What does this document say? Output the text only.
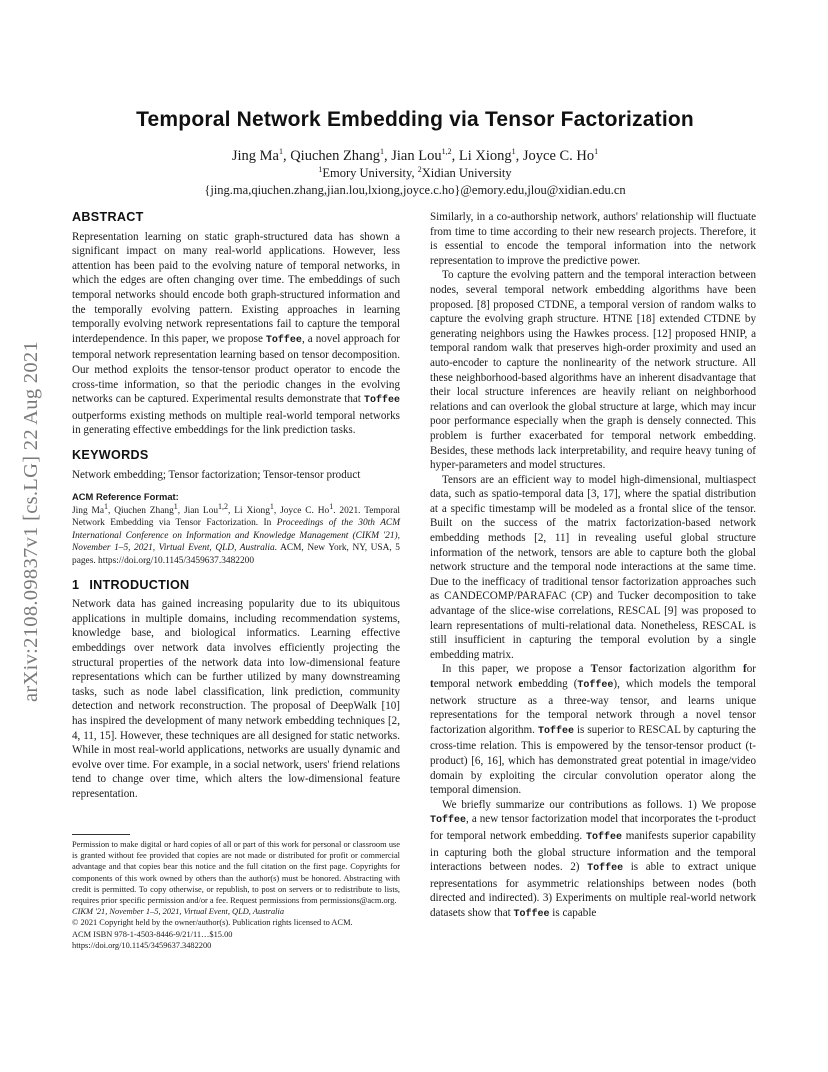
arXiv:2108.09837v1 [cs.LG] 22 Aug 2021
Temporal Network Embedding via Tensor Factorization
Jing Ma$^1$, Qiuchen Zhang$^1$, Jian Lou$^{1,2}$, Li Xiong$^1$, Joyce C. Ho$^1$
$^1$Emory University, $^2$Xidian University
{jing.ma,qiuchen.zhang,jian.lou,lxiong,joyce.c.ho}@emory.edu,jlou@xidian.edu.cn
ABSTRACT

Representation learning on static graph-structured data has shown a significant impact on many real-world applications. However, less attention has been paid to the evolving nature of temporal networks, in which the edges are often changing over time. The embeddings of such temporal networks should encode both graph-structured information and the temporally evolving pattern. Existing approaches in learning temporally evolving network representations fail to capture the temporal interdependence. In this paper, we propose Toffee, a novel approach for temporal network representation learning based on tensor decomposition. Our method exploits the tensor-tensor product operator to encode the cross-time information, so that the periodic changes in the evolving networks can be captured. Experimental results demonstrate that Toffee outperforms existing methods on multiple real-world temporal networks in generating effective embeddings for the link prediction tasks.

KEYWORDS

Network embedding; Tensor factorization; Tensor-tensor product

ACM Reference Format:

Jing Ma$^1$, Qiuchen Zhang$^1$, Jian Lou$^{1,2}$, Li Xiong$^1$, Joyce C. Ho$^1$. 2021. Temporal Network Embedding via Tensor Factorization. In Proceedings of the 30th ACM International Conference on Information and Knowledge Management (CIKM '21), November 1–5, 2021, Virtual Event, QLD, Australia. ACM, New York, NY, USA, 5 pages. https://doi.org/10.1145/3459637.3482200

1 INTRODUCTION

Network data has gained increasing popularity due to its ubiquitous applications in multiple domains, including recommendation systems, knowledge base, and biological informatics. Learning effective embeddings over network data involves efficiently projecting the structural properties of the network data into low-dimensional feature representations which can be further utilized by many downstreaming tasks, such as node label classification, link prediction, community detection and network reconstruction. The proposal of DeepWalk [10] has inspired the development of many network embedding techniques [2, 4, 11, 15]. However, these techniques are all designed for static networks. While in most real-world applications, networks are usually dynamic and evolve over time. For example, in a social network, users' friend relations tend to change over time, which alters the low-dimensional feature representation.

Similarly, in a co-authorship network, authors' relationship will fluctuate from time to time according to their new research projects. Therefore, it is essential to encode the temporal information into the network representation to improve the predictive power.

To capture the evolving pattern and the temporal interaction between nodes, several temporal network embedding algorithms have been proposed. [8] proposed CTDNE, a temporal version of random walks to capture the evolving graph structure. HTNE [18] extended CTDNE by generating neighbors using the Hawkes process. [12] proposed HNIP, a temporal random walk that preserves high-order proximity and used an auto-encoder to capture the nonlinearity of the network structure. All these neighborhood-based algorithms have an inherent disadvantage that their local structure inferences are heavily reliant on neighborhood relations and can overlook the global structure at large, which may incur poor performance especially when the graph is densely connected. This problem is further exacerbated for temporal network embedding. Besides, these methods lack interpretability, and require heavy tuning of hyper-parameters and model structures.

Tensors are an efficient way to model high-dimensional, multiaspect data, such as spatio-temporal data [3, 17], where the spatial distribution at a specific timestamp will be modeled as a frontal slice of the tensor. Built on the success of the matrix factorization-based network embedding methods [2, 11] in revealing useful global structure information of the network, tensors are able to capture both the global network structure and the temporal node interactions at the same time. Due to the inefficacy of traditional tensor factorization approaches such as CANDECOMP/PARAFAC (CP) and Tucker decomposition to take advantage of the slice-wise correlations, RESCAL [9] was proposed to learn representations of multi-relational data. Nonetheless, RESCAL is still insufficient in capturing the temporal evolution by a single embedding matrix.

In this paper, we propose a Tensor factorization algorithm for temporal network embedding (Toffee), which models the temporal network structure as a three-way tensor, and learns unique representations for the temporal network through a novel tensor factorization algorithm. Toffee is superior to RESCAL by capturing the cross-time relation. This is empowered by the tensor-tensor product (t-product) [6, 16], which has demonstrated great potential in image/video domain by exploiting the circular convolution operator along the temporal dimension.

We briefly summarize our contributions as follows. 1) We propose Toffee, a new tensor factorization model that incorporates the t-product for temporal network embedding. Toffee manifests superior capability in capturing both the global structure information and the temporal interactions between nodes. 2) Toffee is able to extract unique representations for asymmetric relationships between nodes (both directed and indirected). 3) Experiments on multiple real-world network datasets show that Toffee is capable

Permission to make digital or hard copies of all or part of this work for personal or classroom use is granted without fee provided that copies are not made or distributed for profit or commercial advantage and that copies bear this notice and the full citation on the first page. Copyrights for components of this work owned by others than the author(s) must be honored. Abstracting with credit is permitted. To copy otherwise, or republish, to post on servers or to redistribute to lists, requires prior specific permission and/or a fee. Request permissions from permissions@acm.org.

CIKM '21, November 1–5, 2021, Virtual Event, QLD, Australia

© 2021 Copyright held by the owner/author(s). Publication rights licensed to ACM.

ACM ISBN 978-1-4503-8446-9/21/11…$15.00

https://doi.org/10.1145/3459637.3482200
